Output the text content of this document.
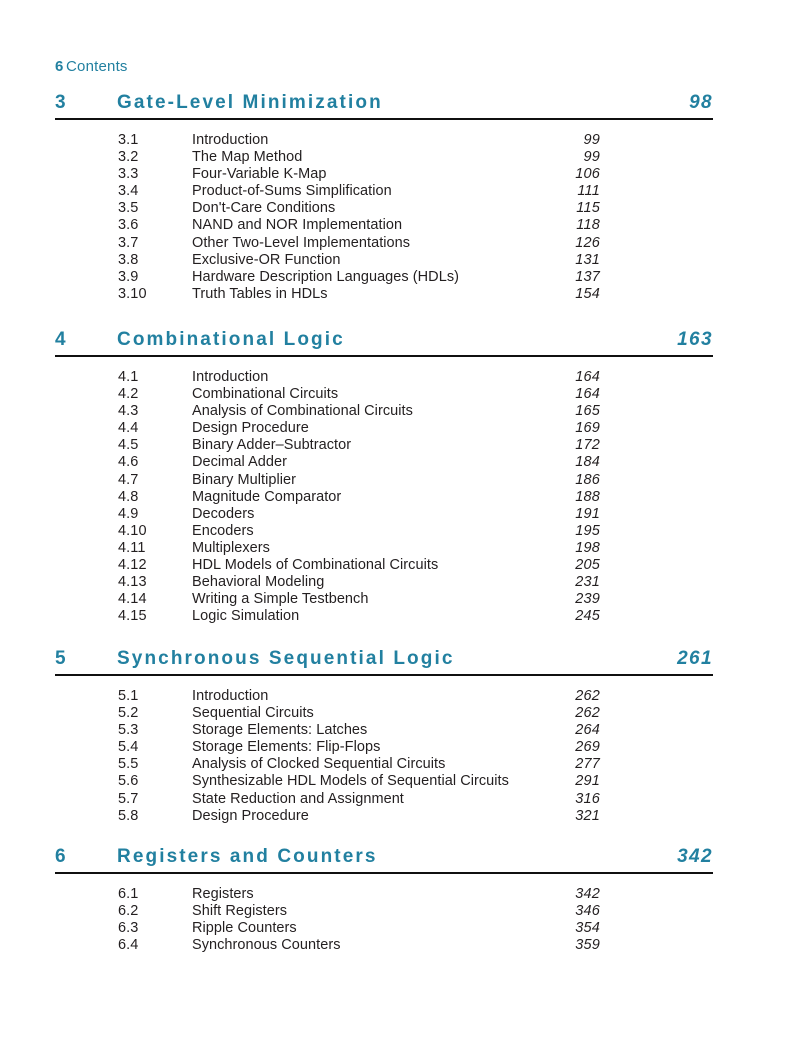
6 Contents
3	Gate-Level Minimization	98
3.1	Introduction	99
3.2	The Map Method	99
3.3	Four-Variable K-Map	106
3.4	Product-of-Sums Simplification	111
3.5	Don't-Care Conditions	115
3.6	NAND and NOR Implementation	118
3.7	Other Two-Level Implementations	126
3.8	Exclusive-OR Function	131
3.9	Hardware Description Languages (HDLs)	137
3.10	Truth Tables in HDLs	154
4	Combinational Logic	163
4.1	Introduction	164
4.2	Combinational Circuits	164
4.3	Analysis of Combinational Circuits	165
4.4	Design Procedure	169
4.5	Binary Adder–Subtractor	172
4.6	Decimal Adder	184
4.7	Binary Multiplier	186
4.8	Magnitude Comparator	188
4.9	Decoders	191
4.10	Encoders	195
4.11	Multiplexers	198
4.12	HDL Models of Combinational Circuits	205
4.13	Behavioral Modeling	231
4.14	Writing a Simple Testbench	239
4.15	Logic Simulation	245
5	Synchronous Sequential Logic	261
5.1	Introduction	262
5.2	Sequential Circuits	262
5.3	Storage Elements: Latches	264
5.4	Storage Elements: Flip-Flops	269
5.5	Analysis of Clocked Sequential Circuits	277
5.6	Synthesizable HDL Models of Sequential Circuits	291
5.7	State Reduction and Assignment	316
5.8	Design Procedure	321
6	Registers and Counters	342
6.1	Registers	342
6.2	Shift Registers	346
6.3	Ripple Counters	354
6.4	Synchronous Counters	359
